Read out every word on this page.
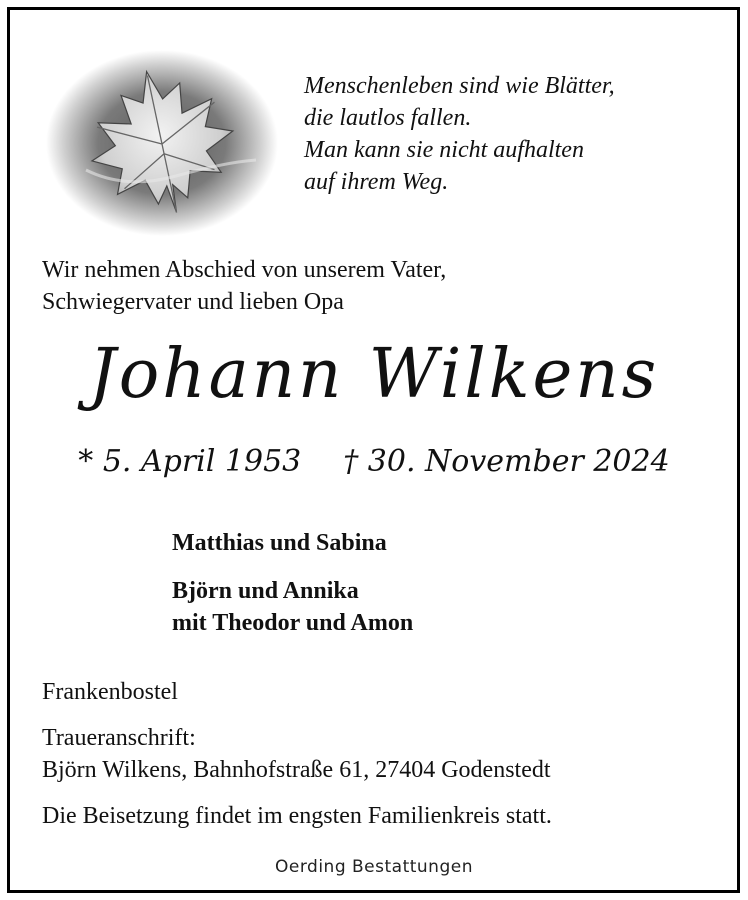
Menschenleben sind wie Blätter,
die lautlos fallen.
Man kann sie nicht aufhalten
auf ihrem Weg.
Wir nehmen Abschied von unserem Vater,
Schwiegervater und lieben Opa
Johann Wilkens
* 5. April 1953 † 30. November 2024
Matthias und Sabina
Björn und Annika
mit Theodor und Amon
Frankenbostel
Traueranschrift:
Björn Wilkens, Bahnhofstraße 61, 27404 Godenstedt
Die Beisetzung findet im engsten Familienkreis statt.
Oerding Bestattungen
